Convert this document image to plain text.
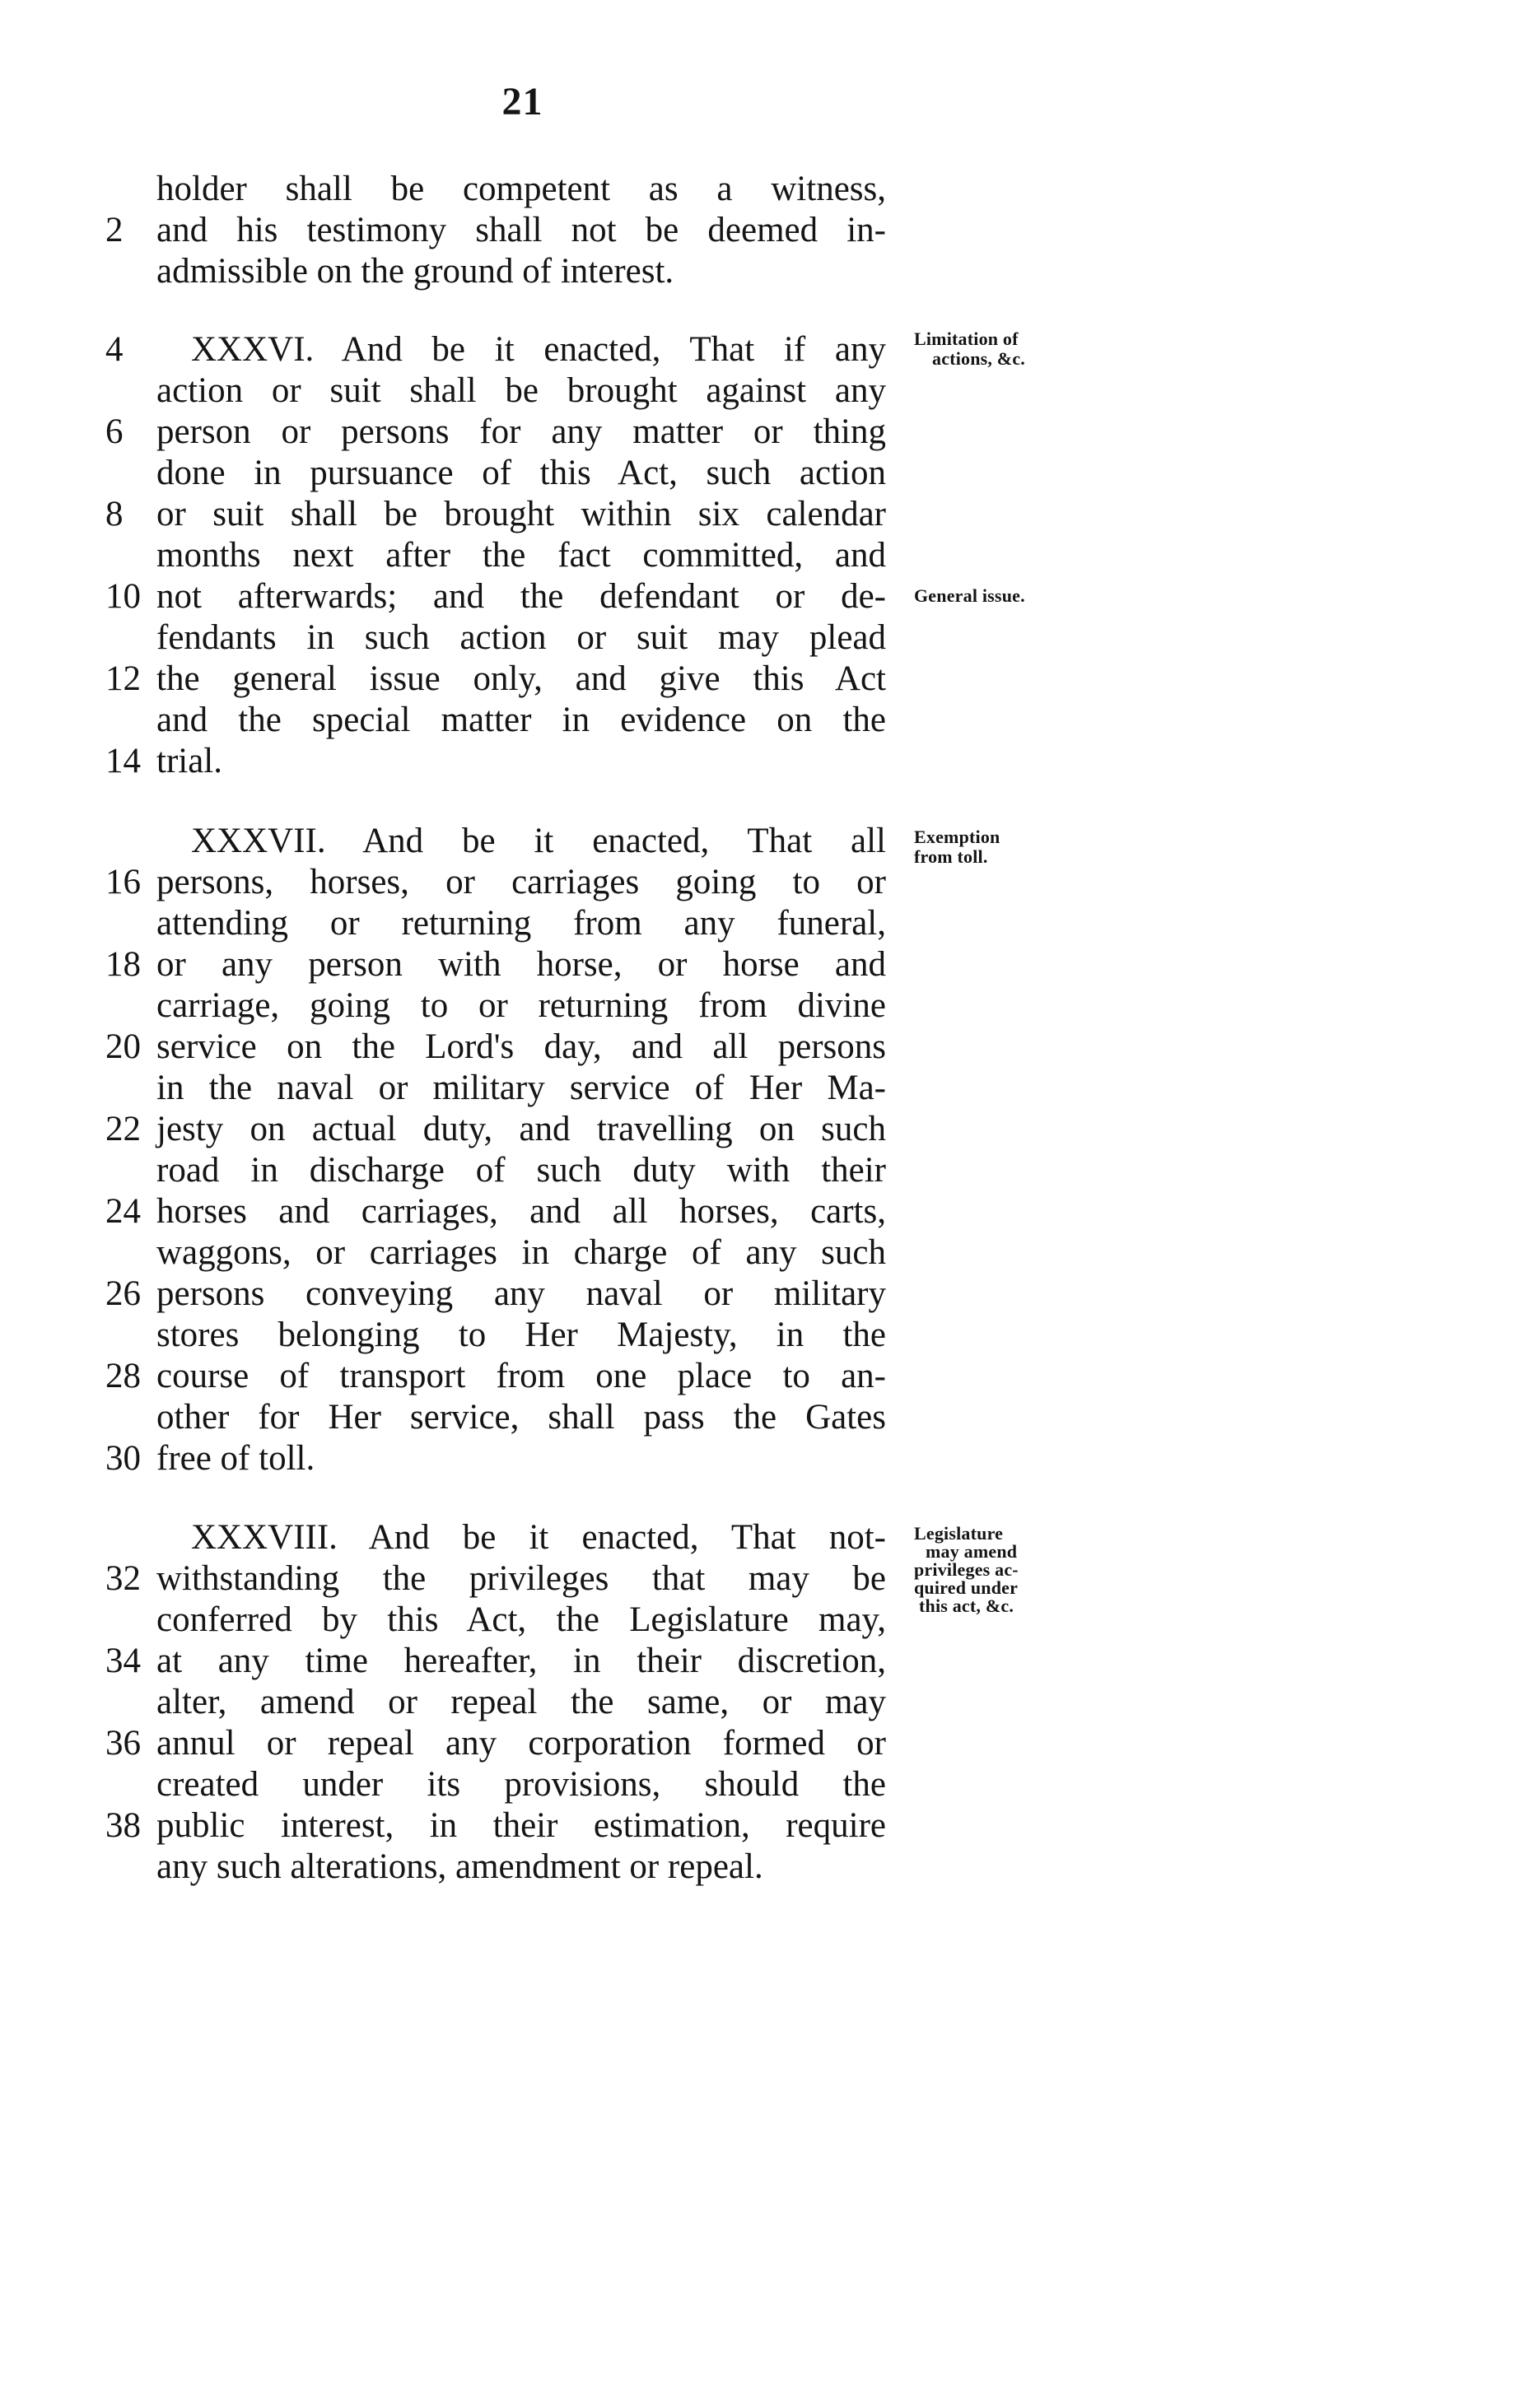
21
holder shall be competent as a witness,
and his testimony shall not be deemed in-
2
admissible on the ground of interest.
XXXVI. And be it enacted, That if any
4
action or suit shall be brought against any
person or persons for any matter or thing
6
done in pursuance of this Act, such action
or suit shall be brought within six calendar
8
months next after the fact committed, and
not afterwards; and the defendant or de-
10
fendants in such action or suit may plead
the general issue only, and give this Act
12
and the special matter in evidence on the
trial.
14
XXXVII. And be it enacted, That all
persons, horses, or carriages going to or
16
attending or returning from any funeral,
or any person with horse, or horse and
18
carriage, going to or returning from divine
service on the Lord's day, and all persons
20
in the naval or military service of Her Ma-
jesty on actual duty, and travelling on such
22
road in discharge of such duty with their
horses and carriages, and all horses, carts,
24
waggons, or carriages in charge of any such
persons conveying any naval or military
26
stores belonging to Her Majesty, in the
course of transport from one place to an-
28
other for Her service, shall pass the Gates
free of toll.
30
XXXVIII. And be it enacted, That not-
withstanding the privileges that may be
32
conferred by this Act, the Legislature may,
at any time hereafter, in their discretion,
34
alter, amend or repeal the same, or may
annul or repeal any corporation formed or
36
created under its provisions, should the
public interest, in their estimation, require
38
any such alterations, amendment or repeal.
Limitation of
actions, &c.
General issue.
Exemption
from toll.
Legislature
may amend
privileges ac-
quired under
this act, &c.
